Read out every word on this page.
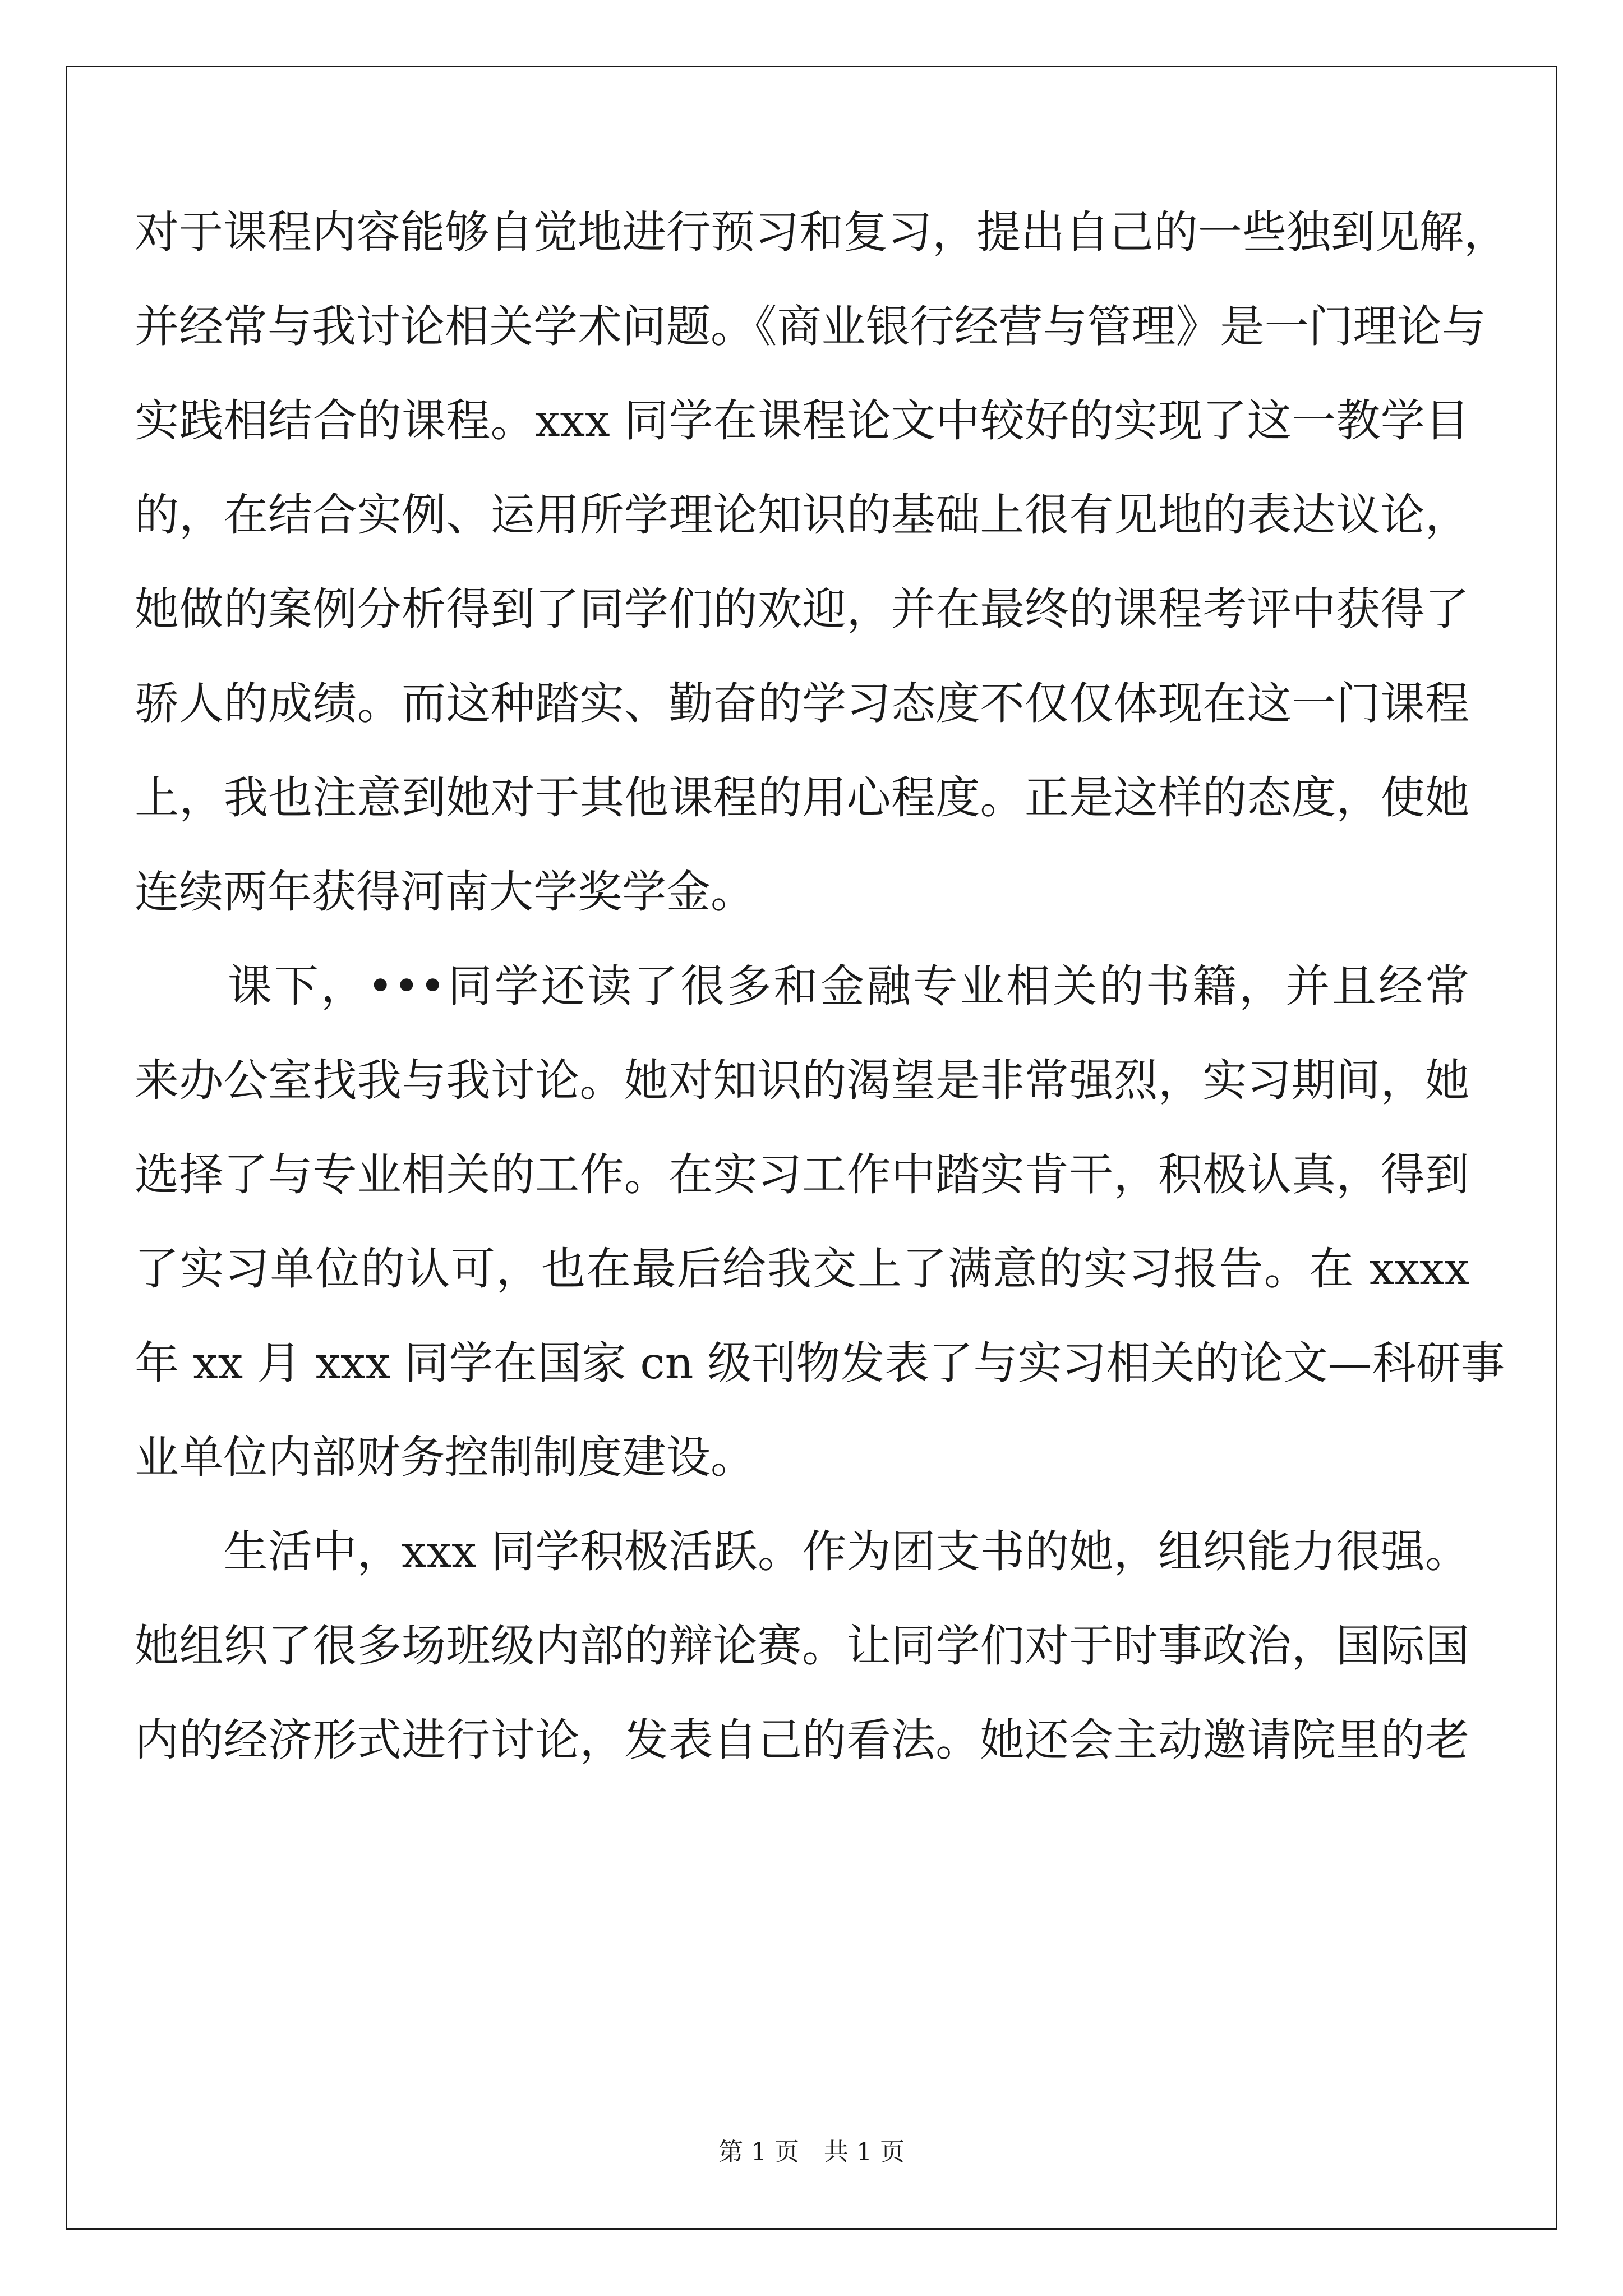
对于课程内容能够自觉地进行预习和复习，提出自己的一些独到见解，
并经常与我讨论相关学术问题。《商业银行经营与管理》是一门理论与
实践相结合的课程。xxx 同学在课程论文中较好的实现了这一教学目
的，在结合实例、运用所学理论知识的基础上很有见地的表达议论，
她做的案例分析得到了同学们的欢迎，并在最终的课程考评中获得了
骄人的成绩。而这种踏实、勤奋的学习态度不仅仅体现在这一门课程
上，我也注意到她对于其他课程的用心程度。正是这样的态度，使她
连续两年获得河南大学奖学金。
　　课下，•••同学还读了很多和金融专业相关的书籍，并且经常
来办公室找我与我讨论。她对知识的渴望是非常强烈，实习期间，她
选择了与专业相关的工作。在实习工作中踏实肯干，积极认真，得到
了实习单位的认可，也在最后给我交上了满意的实习报告。在 xxxx
年 xx 月 xxx 同学在国家 cn 级刊物发表了与实习相关的论文—科研事
业单位内部财务控制制度建设。
　　生活中，xxx 同学积极活跃。作为团支书的她，组织能力很强。
她组织了很多场班级内部的辩论赛。让同学们对于时事政治，国际国
内的经济形式进行讨论，发表自己的看法。她还会主动邀请院里的老
第 1 页　共 1 页
